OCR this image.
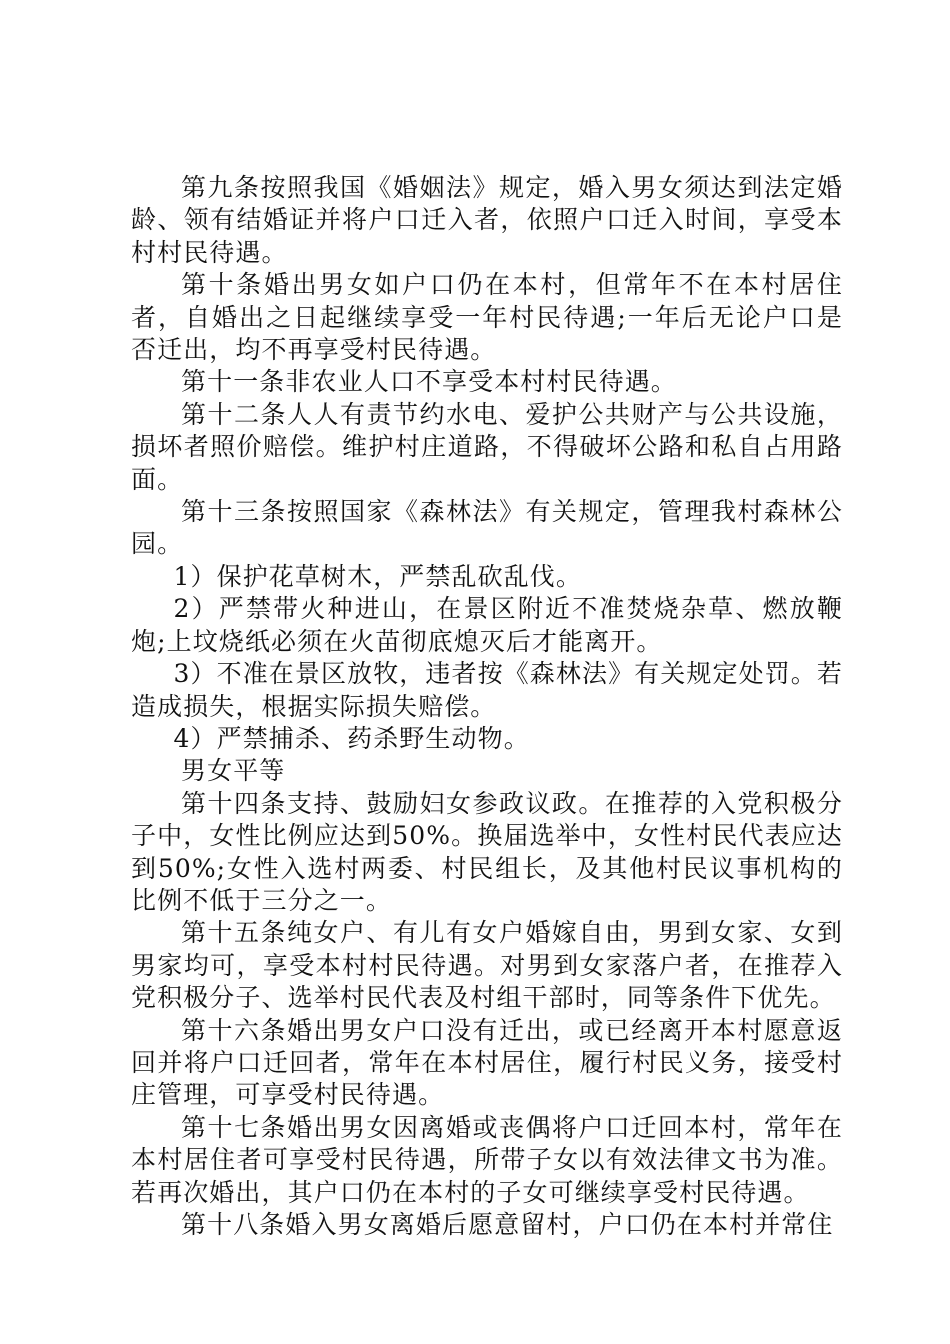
第九条按照我国《婚姻法》规定，婚入男女须达到法定婚龄、领有结婚证并将户口迁入者，依照户口迁入时间，享受本村村民待遇。

第十条婚出男女如户口仍在本村，但常年不在本村居住者，自婚出之日起继续享受一年村民待遇;一年后无论户口是否迁出，均不再享受村民待遇。

第十一条非农业人口不享受本村村民待遇。

第十二条人人有责节约水电、爱护公共财产与公共设施，损坏者照价赔偿。维护村庄道路，不得破坏公路和私自占用路面。

第十三条按照国家《森林法》有关规定，管理我村森林公园。

1）保护花草树木，严禁乱砍乱伐。

2）严禁带火种进山，在景区附近不准焚烧杂草、燃放鞭炮;上坟烧纸必须在火苗彻底熄灭后才能离开。

3）不准在景区放牧，违者按《森林法》有关规定处罚。若造成损失，根据实际损失赔偿。

4）严禁捕杀、药杀野生动物。

男女平等

第十四条支持、鼓励妇女参政议政。在推荐的入党积极分子中，女性比例应达到50%。换届选举中，女性村民代表应达到50%;女性入选村两委、村民组长，及其他村民议事机构的比例不低于三分之一。

第十五条纯女户、有儿有女户婚嫁自由，男到女家、女到男家均可，享受本村村民待遇。对男到女家落户者，在推荐入党积极分子、选举村民代表及村组干部时，同等条件下优先。

第十六条婚出男女户口没有迁出，或已经离开本村愿意返回并将户口迁回者，常年在本村居住，履行村民义务，接受村庄管理，可享受村民待遇。

第十七条婚出男女因离婚或丧偶将户口迁回本村，常年在本村居住者可享受村民待遇，所带子女以有效法律文书为准。若再次婚出，其户口仍在本村的子女可继续享受村民待遇。

第十八条婚入男女离婚后愿意留村，户口仍在本村并常住
